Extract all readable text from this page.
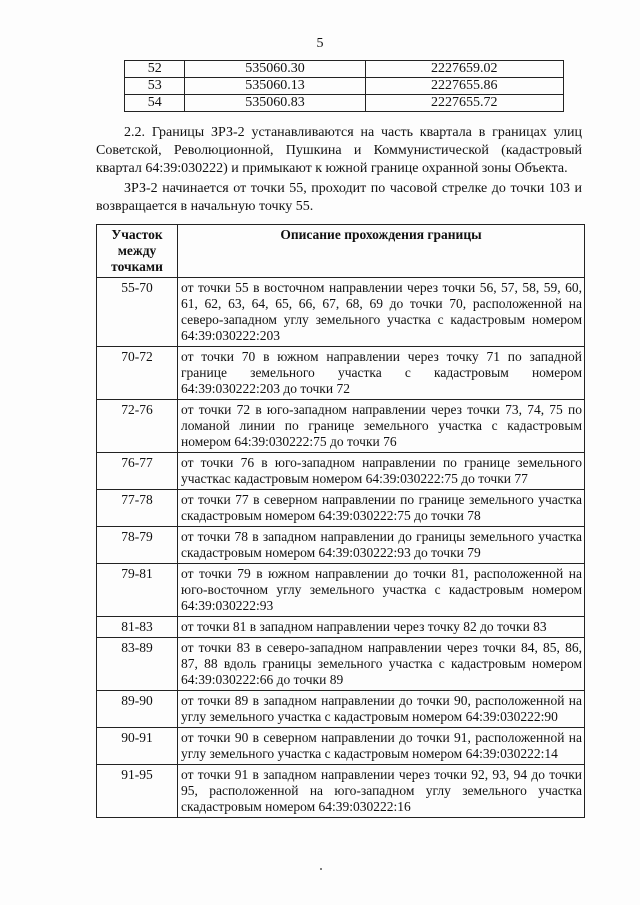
5
52	535060.30	2227659.02
53	535060.13	2227655.86
54	535060.83	2227655.72

2.2. Границы ЗРЗ-2 устанавливаются на часть квартала в границах улиц Советской, Революционной, Пушкина и Коммунистической (кадастровый квартал 64:39:030222) и примыкают к южной границе охранной зоны Объекта.

ЗРЗ-2 начинается от точки 55, проходит по часовой стрелке до точки 103 и возвращается в начальную точку 55.

Участок между точками	Описание прохождения границы
55-70	от точки 55 в восточном направлении через точки 56, 57, 58, 59, 60, 61, 62, 63, 64, 65, 66, 67, 68, 69 до точки 70, расположенной на северо-западном углу земельного участка с кадастровым номером 64:39:030222:203
70-72	от точки 70 в южном направлении через точку 71 по западной границе земельного участка с кадастровым номером 64:39:030222:203 до точки 72
72-76	от точки 72 в юго-западном направлении через точки 73, 74, 75 по ломаной линии по границе земельного участка с кадастровым номером 64:39:030222:75 до точки 76
76-77	от точки 76 в юго-западном направлении по границе земельного участкас кадастровым номером 64:39:030222:75 до точки 77
77-78	от точки 77 в северном направлении по границе земельного участка скадастровым номером 64:39:030222:75 до точки 78
78-79	от точки 78 в западном направлении до границы земельного участка скадастровым номером 64:39:030222:93 до точки 79
79-81	от точки 79 в южном направлении до точки 81, расположенной на юго-восточном углу земельного участка с кадастровым номером 64:39:030222:93
81-83	от точки 81 в западном направлении через точку 82 до точки 83
83-89	от точки 83 в северо-западном направлении через точки 84, 85, 86, 87, 88 вдоль границы земельного участка с кадастровым номером 64:39:030222:66 до точки 89
89-90	от точки 89 в западном направлении до точки 90, расположенной на углу земельного участка с кадастровым номером 64:39:030222:90
90-91	от точки 90 в северном направлении до точки 91, расположенной на углу земельного участка с кадастровым номером 64:39:030222:14
91-95	от точки 91 в западном направлении через точки 92, 93, 94 до точки 95, расположенной на юго-западном углу земельного участка скадастровым номером 64:39:030222:16
